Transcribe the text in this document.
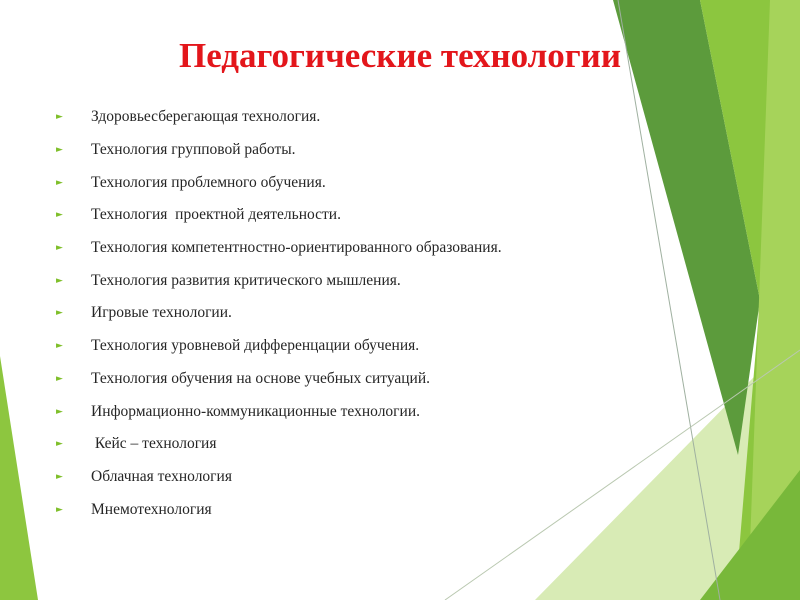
Педагогические технологии
►	Здоровьесберегающая технология.
►	Технология групповой работы.
►	Технология проблемного обучения.
►	Технология  проектной деятельности.
►	Технология компетентностно-ориентированного образования.
►	Технология развития критического мышления.
►	Игровые технологии.
►	Технология уровневой дифференцации обучения.
►	Технология обучения на основе учебных ситуаций.
►	Информационно-коммуникационные технологии.
►	Кейс – технология
►	Облачная технология
►	Мнемотехнология
